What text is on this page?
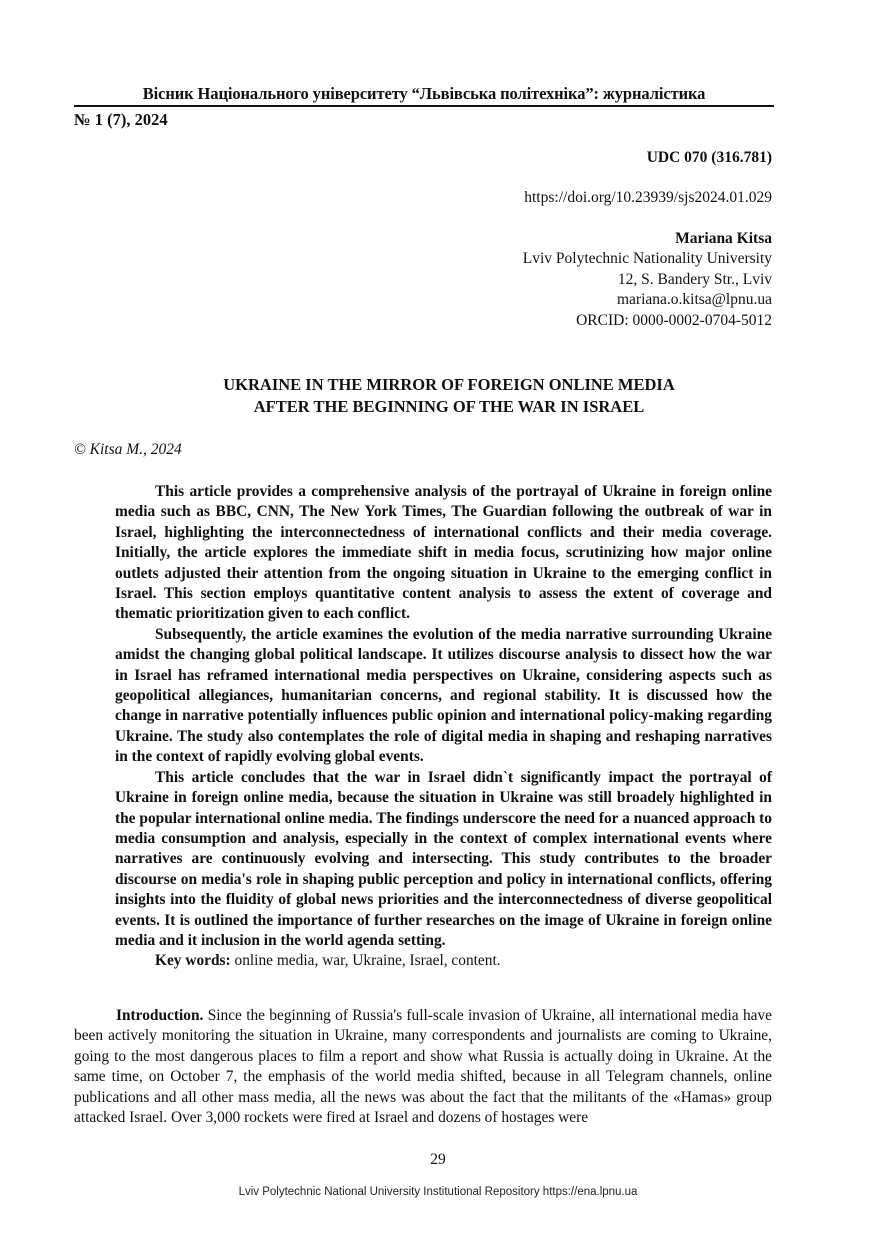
Вісник Національного університету “Львівська політехніка”: журналістика
№ 1 (7), 2024
UDC 070 (316.781)
https://doi.org/10.23939/sjs2024.01.029
Mariana Kitsa
Lviv Polytechnic Nationality University
12, S. Bandery Str., Lviv
mariana.o.kitsa@lpnu.ua
ORCID: 0000-0002-0704-5012
UKRAINE IN THE MIRROR OF FOREIGN ONLINE MEDIA
AFTER THE BEGINNING OF THE WAR IN ISRAEL
© Kitsa M., 2024

This article provides a comprehensive analysis of the portrayal of Ukraine in foreign online media such as BBC, CNN, The New York Times, The Guardian following the outbreak of war in Israel, highlighting the interconnectedness of international conflicts and their media coverage. Initially, the article explores the immediate shift in media focus, scrutinizing how major online outlets adjusted their attention from the ongoing situation in Ukraine to the emerging conflict in Israel. This section employs quantitative content analysis to assess the extent of coverage and thematic prioritization given to each conflict.

Subsequently, the article examines the evolution of the media narrative surrounding Ukraine amidst the changing global political landscape. It utilizes discourse analysis to dissect how the war in Israel has reframed international media perspectives on Ukraine, considering aspects such as geopolitical allegiances, humanitarian concerns, and regional stability. It is discussed how the change in narrative potentially influences public opinion and international policy-making regarding Ukraine. The study also contemplates the role of digital media in shaping and reshaping narratives in the context of rapidly evolving global events.

This article concludes that the war in Israel didn`t significantly impact the portrayal of Ukraine in foreign online media, because the situation in Ukraine was still broadely highlighted in the popular international online media. The findings underscore the need for a nuanced approach to media consumption and analysis, especially in the context of complex international events where narratives are continuously evolving and intersecting. This study contributes to the broader discourse on media's role in shaping public perception and policy in international conflicts, offering insights into the fluidity of global news priorities and the interconnectedness of diverse geopolitical events. It is outlined the importance of further researches on the image of Ukraine in foreign online media and it inclusion in the world agenda setting.

Key words: online media, war, Ukraine, Israel, content.

Introduction. Since the beginning of Russia's full-scale invasion of Ukraine, all international media have been actively monitoring the situation in Ukraine, many correspondents and journalists are coming to Ukraine, going to the most dangerous places to film a report and show what Russia is actually doing in Ukraine. At the same time, on October 7, the emphasis of the world media shifted, because in all Telegram channels, online publications and all other mass media, all the news was about the fact that the militants of the «Hamas» group attacked Israel. Over 3,000 rockets were fired at Israel and dozens of hostages were

29
Lviv Polytechnic National University Institutional Repository https://ena.lpnu.ua
